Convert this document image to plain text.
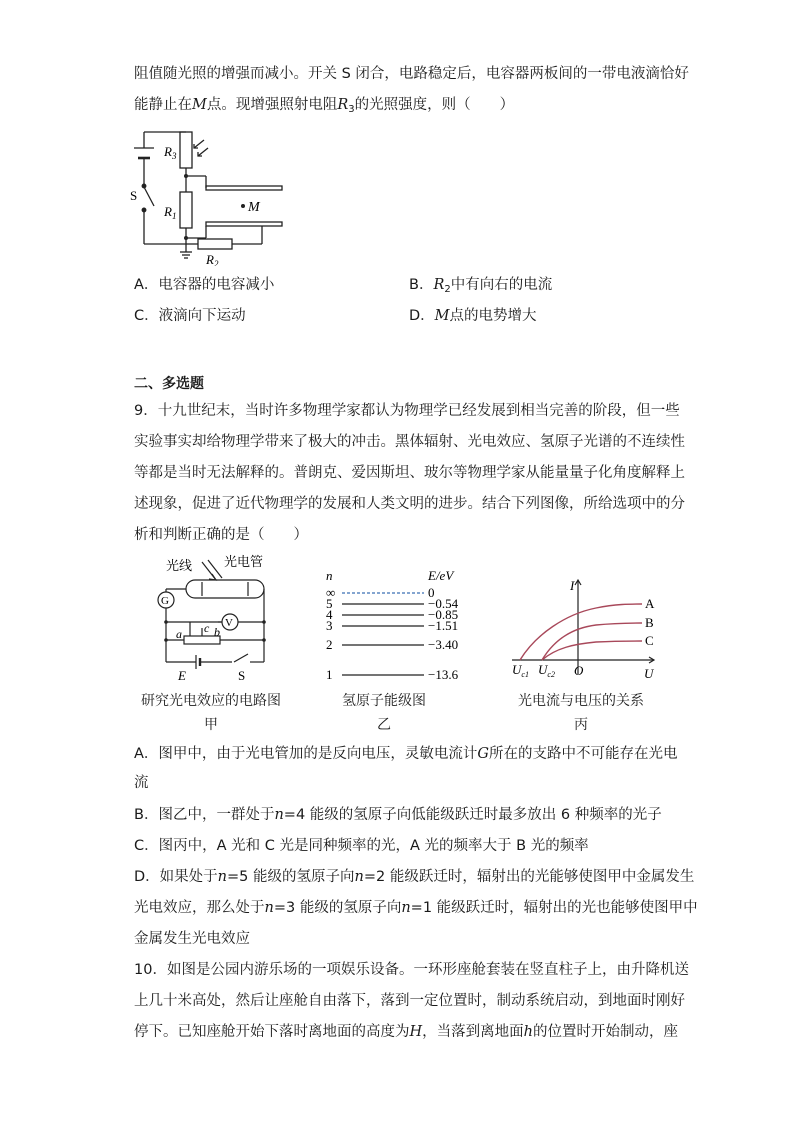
阻值随光照的增强而减小。开关 S 闭合，电路稳定后，电容器两板间的一带电液滴恰好
能静止在M点。现增强照射电阻$R_3$的光照强度，则（　　）
$R_3$
$R_1$
$R_2$
S
M
A．电容器的电容减小	B．$R_2$中有向右的电流
C．液滴向下运动	D．M点的电势增大
二、多选题
9．十九世纪末，当时许多物理学家都认为物理学已经发展到相当完善的阶段，但一些
实验事实却给物理学带来了极大的冲击。黑体辐射、光电效应、氢原子光谱的不连续性
等都是当时无法解释的。普朗克、爱因斯坦、玻尔等物理学家从能量量子化角度解释上
述现象，促进了近代物理学的发展和人类文明的进步。结合下列图像，所给选项中的分
析和判断正确的是（　　）
光线 光电管
G
V
a	b
c
E	S
研究光电效应的电路图
甲
n	E/eV
∞	0
5	−0.54
4	−0.85
3	−1.51
2	−3.40
1	−13.6
氢原子能级图
乙
I
U
O
$U_{c1}$ $U_{c2}$
A
B
C
光电流与电压的关系
丙
A．图甲中，由于光电管加的是反向电压，灵敏电流计G所在的支路中不可能存在光电
流
B．图乙中，一群处于n=4 能级的氢原子向低能级跃迁时最多放出 6 种频率的光子
C．图丙中，A 光和 C 光是同种频率的光，A 光的频率大于 B 光的频率
D．如果处于n=5 能级的氢原子向n=2 能级跃迁时，辐射出的光能够使图甲中金属发生
光电效应，那么处于n=3 能级的氢原子向n=1 能级跃迁时，辐射出的光也能够使图甲中
金属发生光电效应
10．如图是公园内游乐场的一项娱乐设备。一环形座舱套装在竖直柱子上，由升降机送
上几十米高处，然后让座舱自由落下，落到一定位置时，制动系统启动，到地面时刚好
停下。已知座舱开始下落时离地面的高度为H，当落到离地面h的位置时开始制动，座
